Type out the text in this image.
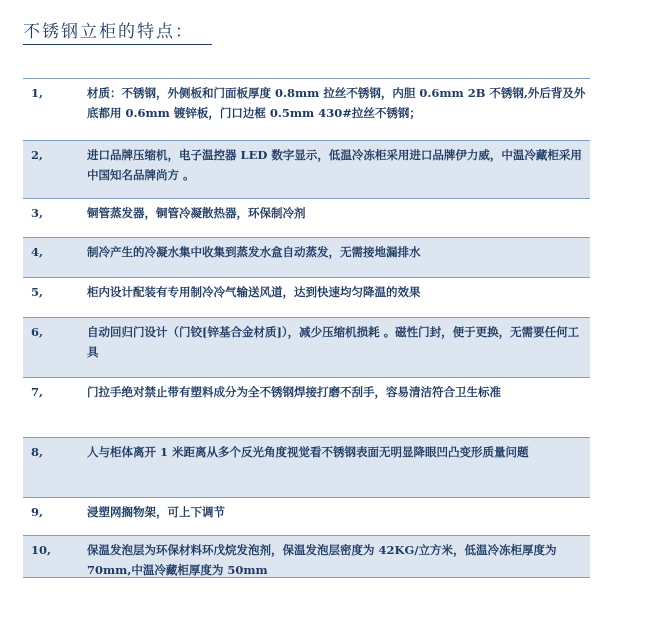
不锈钢立柜的特点：
1,	材质：不锈钢，外侧板和门面板厚度 0.8mm 拉丝不锈钢，内胆 0.6mm 2B 不锈钢,外后背及外底都用 0.6mm 镀锌板，门口边框 0.5mm 430#拉丝不锈钢；
2,	进口品牌压缩机，电子温控器 LED 数字显示，低温冷冻柜采用进口品牌伊力威，中温冷藏柜采用中国知名品牌尚方 。
3,	铜管蒸发器，铜管冷凝散热器，环保制冷剂
4,	制冷产生的冷凝水集中收集到蒸发水盒自动蒸发，无需接地漏排水
5,	柜内设计配装有专用制冷冷气输送风道，达到快速均匀降温的效果
6,	自动回归门设计（门铰[锌基合金材质]），减少压缩机损耗 。磁性门封，便于更换，无需要任何工具
7,	门拉手绝对禁止带有塑料成分为全不锈钢焊接打磨不刮手，容易清洁符合卫生标准
8,	人与柜体离开 1 米距离从多个反光角度视觉看不锈钢表面无明显降眼凹凸变形质量问题
9,	浸塑网搁物架，可上下调节
10,	保温发泡层为环保材料环戊烷发泡剂，保温发泡层密度为 42KG/立方米，低温冷冻柜厚度为 70mm,中温冷藏柜厚度为 50mm
